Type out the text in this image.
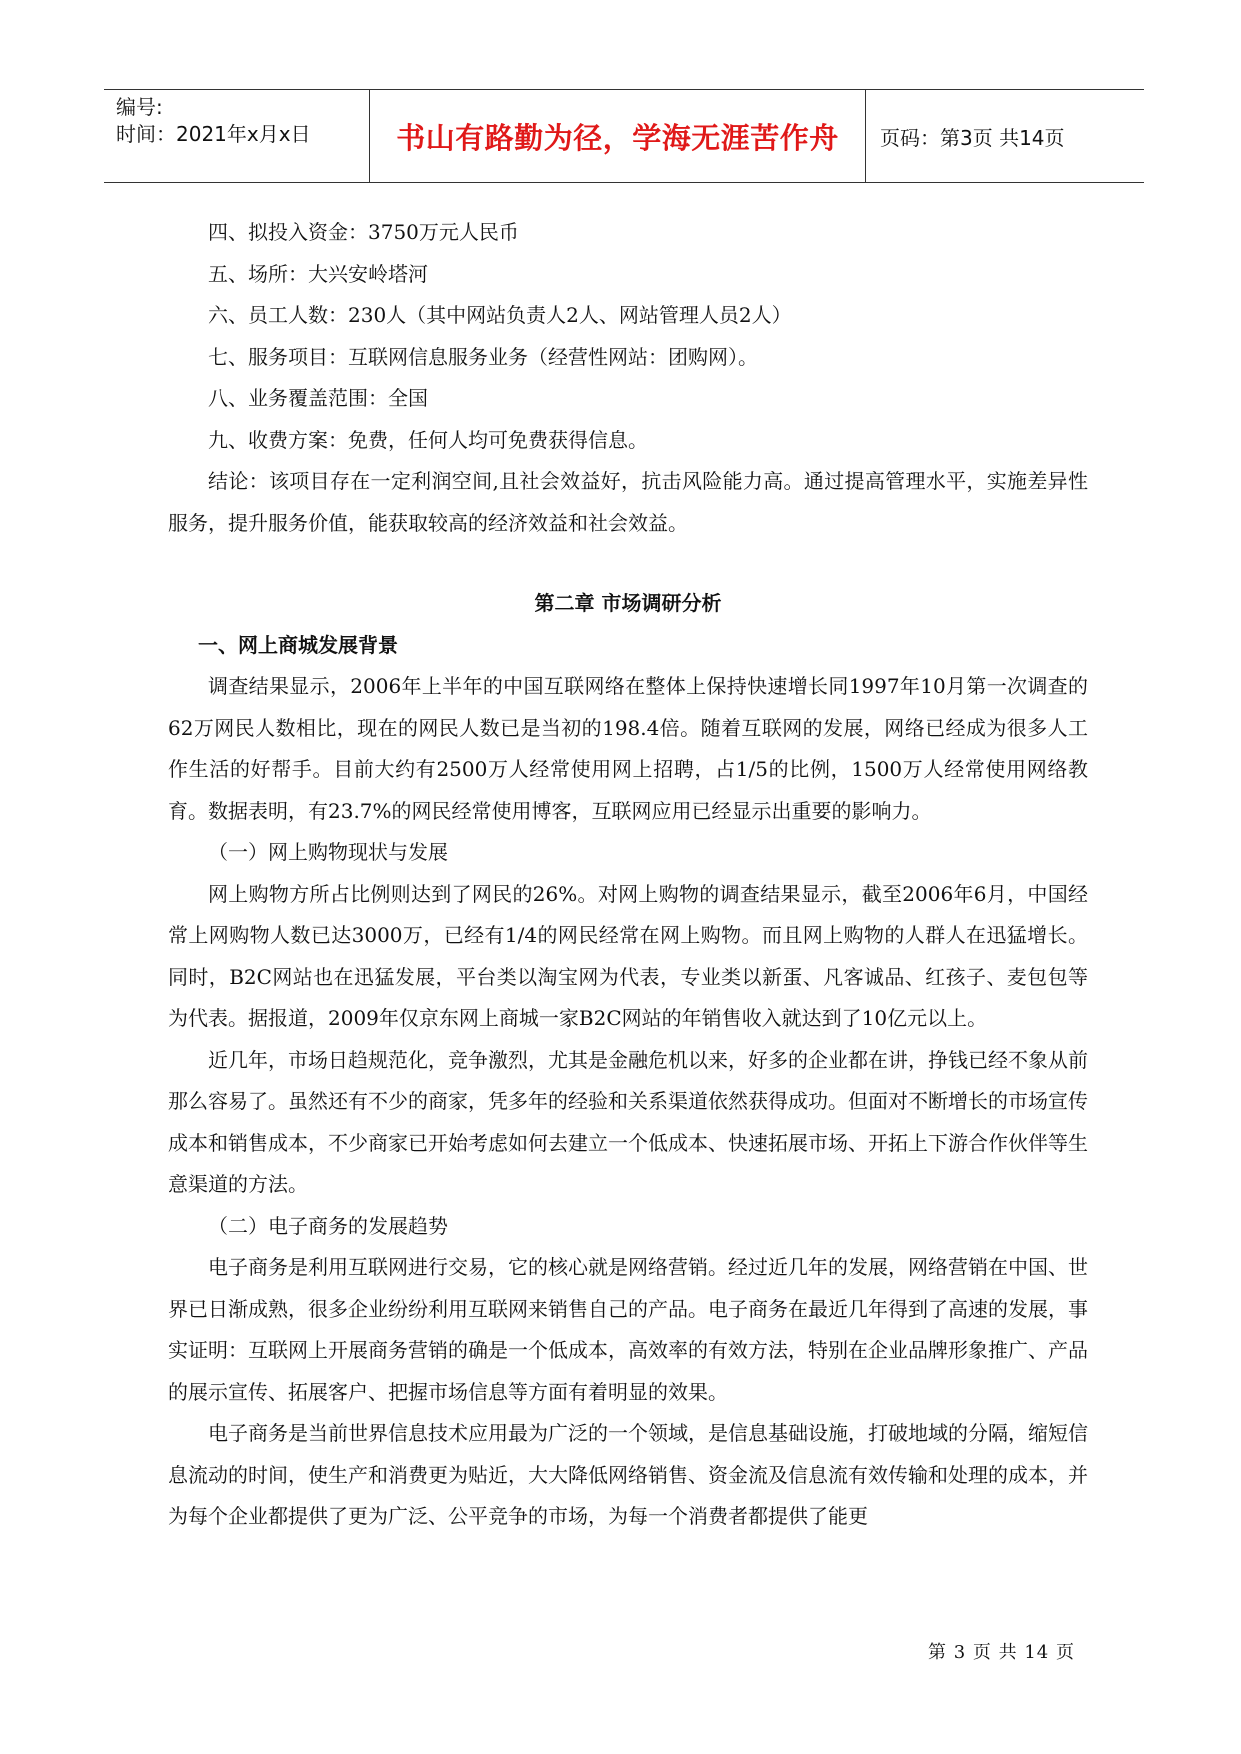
编号:
时间：2021年x月x日	书山有路勤为径，学海无涯苦作舟 页码：第3页 共14页

四、拟投入资金：3750万元人民币

五、场所：大兴安岭塔河

六、员工人数：230人（其中网站负责人2人、网站管理人员2人）

七、服务项目：互联网信息服务业务（经营性网站：团购网）。

八、业务覆盖范围：全国

九、收费方案：免费，任何人均可免费获得信息。

结论：该项目存在一定利润空间,且社会效益好，抗击风险能力高。通过提高管理水平，实施差异性服务，提升服务价值，能获取较高的经济效益和社会效益。

第二章 市场调研分析

一、网上商城发展背景

调查结果显示，2006年上半年的中国互联网络在整体上保持快速增长同1997年10月第一次调查的62万网民人数相比，现在的网民人数已是当初的198.4倍。随着互联网的发展，网络已经成为很多人工作生活的好帮手。目前大约有2500万人经常使用网上招聘，占1/5的比例，1500万人经常使用网络教育。数据表明，有23.7%的网民经常使用博客，互联网应用已经显示出重要的影响力。

（一）网上购物现状与发展

网上购物方所占比例则达到了网民的26%。对网上购物的调查结果显示，截至2006年6月，中国经常上网购物人数已达3000万，已经有1/4的网民经常在网上购物。而且网上购物的人群人在迅猛增长。同时，B2C网站也在迅猛发展，平台类以淘宝网为代表，专业类以新蛋、凡客诚品、红孩子、麦包包等为代表。据报道，2009年仅京东网上商城一家B2C网站的年销售收入就达到了10亿元以上。

近几年，市场日趋规范化，竞争激烈，尤其是金融危机以来，好多的企业都在讲，挣钱已经不象从前那么容易了。虽然还有不少的商家，凭多年的经验和关系渠道依然获得成功。但面对不断增长的市场宣传成本和销售成本，不少商家已开始考虑如何去建立一个低成本、快速拓展市场、开拓上下游合作伙伴等生意渠道的方法。

（二）电子商务的发展趋势

电子商务是利用互联网进行交易，它的核心就是网络营销。经过近几年的发展，网络营销在中国、世界已日渐成熟，很多企业纷纷利用互联网来销售自己的产品。电子商务在最近几年得到了高速的发展，事实证明：互联网上开展商务营销的确是一个低成本，高效率的有效方法，特别在企业品牌形象推广、产品的展示宣传、拓展客户、把握市场信息等方面有着明显的效果。

电子商务是当前世界信息技术应用最为广泛的一个领域，是信息基础设施，打破地域的分隔，缩短信息流动的时间，使生产和消费更为贴近，大大降低网络销售、资金流及信息流有效传输和处理的成本，并为每个企业都提供了更为广泛、公平竞争的市场，为每一个消费者都提供了能更

第 3 页 共 14 页
